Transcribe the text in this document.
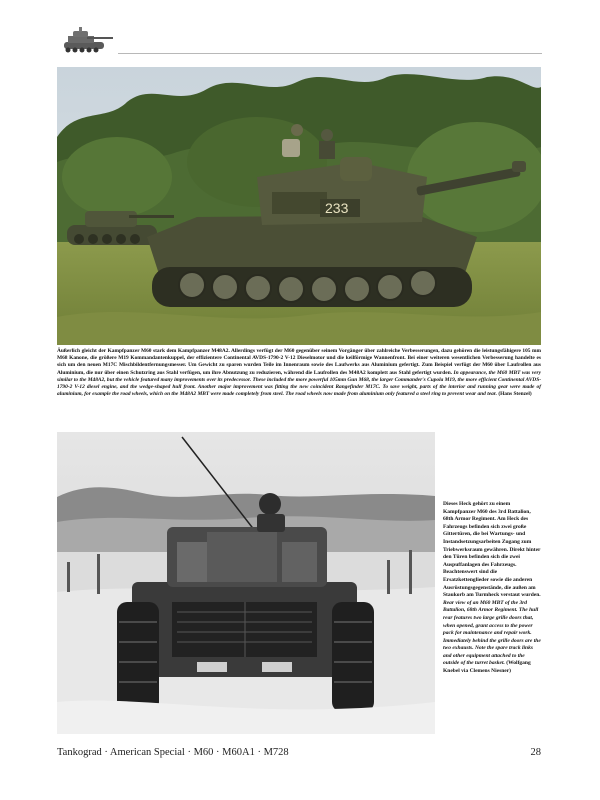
233
Äußerlich gleicht der Kampfpanzer M60 stark dem Kampfpanzer M48A2. Allerdings verfügt der M60 gegenüber seinem Vorgänger über zahlreiche Verbesserungen, dazu gehören die leistungsfähigere 105 mm M68 Kanone, die größere M19 Kommandantenkuppel, der effizientere Continental AVDS-1790-2 V-12 Dieselmotor und die keilförmige Wannenfront. Bei einer weiteren wesentlichen Verbesserung handelte es sich um den neuen M17C Mischbildentfernungsmesser. Um Gewicht zu sparen wurden Teile im Innenraum sowie des Laufwerks aus Aluminium gefertigt. Zum Beispiel verfügt der M60 über Laufrollen aus Aluminium, die nur über einen Schutzring aus Stahl verfügen, um ihre Abnutzung zu reduzieren, während die Laufrollen des M48A2 komplett aus Stahl gefertigt wurden. In appearance, the M60 MBT was very similar to the M48A2, but the vehicle featured many improvements over its predecessor. These included the more powerful 105mm Gun M68, the larger Commander's Cupola M19, the more efficient Continental AVDS-1790-2 V-12 diesel engine, and the wedge-shaped hull front. Another major improvement was fitting the new coincident Rangefinder M17C. To save weight, parts of the interior and running gear were made of aluminium, for example the road wheels, which on the M48A2 MBT were made completely from steel. The road wheels now made from aluminium only featured a steel ring to prevent wear and tear. (Hans Stenzel)
Dieses Heck gehört zu einem Kampfpanzer M60 des 3rd Battalion, 68th Armor Regiment. Am Heck des Fahrzeugs befinden sich zwei große Gittertüren, die bei Wartungs- und Instandsetzungsarbeiten Zugang zum Triebwerksraum gewähren. Direkt hinter den Türen befinden sich die zwei Auspuffanlagen des Fahrzeugs. Beachtenswert sind die Ersatzkettenglieder sowie die anderen Ausrüstungsgegenstände, die außen am Staukorb am Turmheck verstaut wurden. Rear view of an M60 MBT of the 3rd Battalion, 68th Armor Regiment. The hull rear features two large grille doors that, when opened, grant access to the power pack for maintenance and repair work. Immediately behind the grille doors are the two exhausts. Note the spare track links and other equipment attached to the outside of the turret basket. (Wolfgang Knebel via Clemens Niesner)
Tankograd · American Special · M60 · M60A1 · M728	28
